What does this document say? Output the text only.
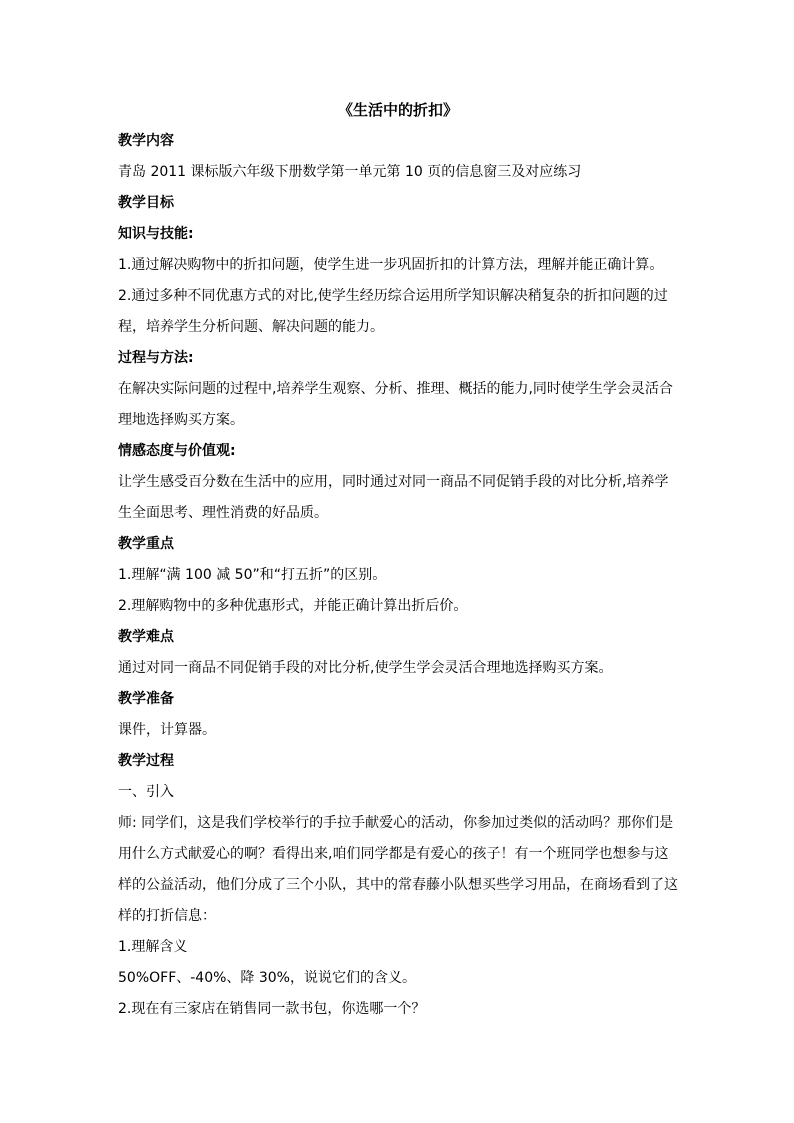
《生活中的折扣》
教学内容
青岛 2011 课标版六年级下册数学第一单元第 10 页的信息窗三及对应练习
教学目标
知识与技能:
1.通过解决购物中的折扣问题，使学生进一步巩固折扣的计算方法，理解并能正确计算。
2.通过多种不同优惠方式的对比,使学生经历综合运用所学知识解决稍复杂的折扣问题的过程，培养学生分析问题、解决问题的能力。
过程与方法:
在解决实际问题的过程中,培养学生观察、分析、推理、概括的能力,同时使学生学会灵活合理地选择购买方案。
情感态度与价值观:
让学生感受百分数在生活中的应用，同时通过对同一商品不同促销手段的对比分析,培养学生全面思考、理性消费的好品质。
教学重点
1.理解“满 100 减 50”和“打五折”的区别。
2.理解购物中的多种优惠形式，并能正确计算出折后价。
教学难点
通过对同一商品不同促销手段的对比分析,使学生学会灵活合理地选择购买方案。
教学准备
课件，计算器。
教学过程
一、引入
师: 同学们，这是我们学校举行的手拉手献爱心的活动，你参加过类似的活动吗？那你们是用什么方式献爱心的啊？看得出来,咱们同学都是有爱心的孩子！有一个班同学也想参与这样的公益活动，他们分成了三个小队，其中的常春藤小队想买些学习用品，在商场看到了这样的打折信息：
1.理解含义
50%OFF、-40%、降 30%，说说它们的含义。
2.现在有三家店在销售同一款书包，你选哪一个？
